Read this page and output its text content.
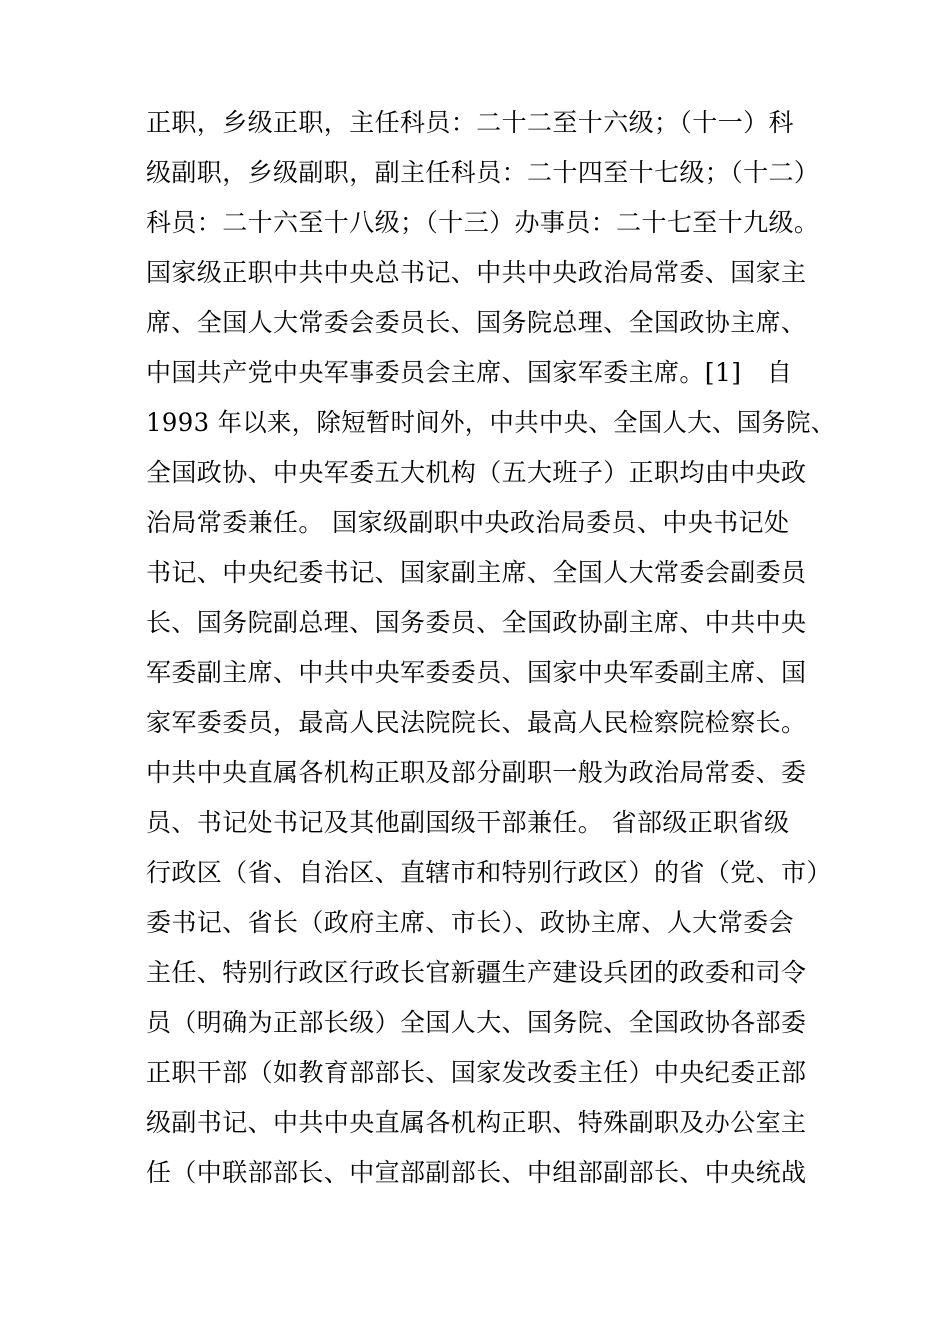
正职，乡级正职，主任科员：二十二至十六级；（十一）科
级副职，乡级副职，副主任科员：二十四至十七级；（十二）
科员：二十六至十八级；（十三）办事员：二十七至十九级。
国家级正职中共中央总书记、中共中央政治局常委、国家主
席、全国人大常委会委员长、国务院总理、全国政协主席、
中国共产党中央军事委员会主席、国家军委主席。[1]　自
1993 年以来，除短暂时间外，中共中央、全国人大、国务院、
全国政协、中央军委五大机构（五大班子）正职均由中央政
治局常委兼任。 国家级副职中央政治局委员、中央书记处
书记、中央纪委书记、国家副主席、全国人大常委会副委员
长、国务院副总理、国务委员、全国政协副主席、中共中央
军委副主席、中共中央军委委员、国家中央军委副主席、国
家军委委员，最高人民法院院长、最高人民检察院检察长。
中共中央直属各机构正职及部分副职一般为政治局常委、委
员、书记处书记及其他副国级干部兼任。 省部级正职省级
行政区（省、自治区、直辖市和特别行政区）的省（党、市）
委书记、省长（政府主席、市长）、政协主席、人大常委会
主任、特别行政区行政长官新疆生产建设兵团的政委和司令
员（明确为正部长级）全国人大、国务院、全国政协各部委
正职干部（如教育部部长、国家发改委主任）中央纪委正部
级副书记、中共中央直属各机构正职、特殊副职及办公室主
任（中联部部长、中宣部副部长、中组部副部长、中央统战
